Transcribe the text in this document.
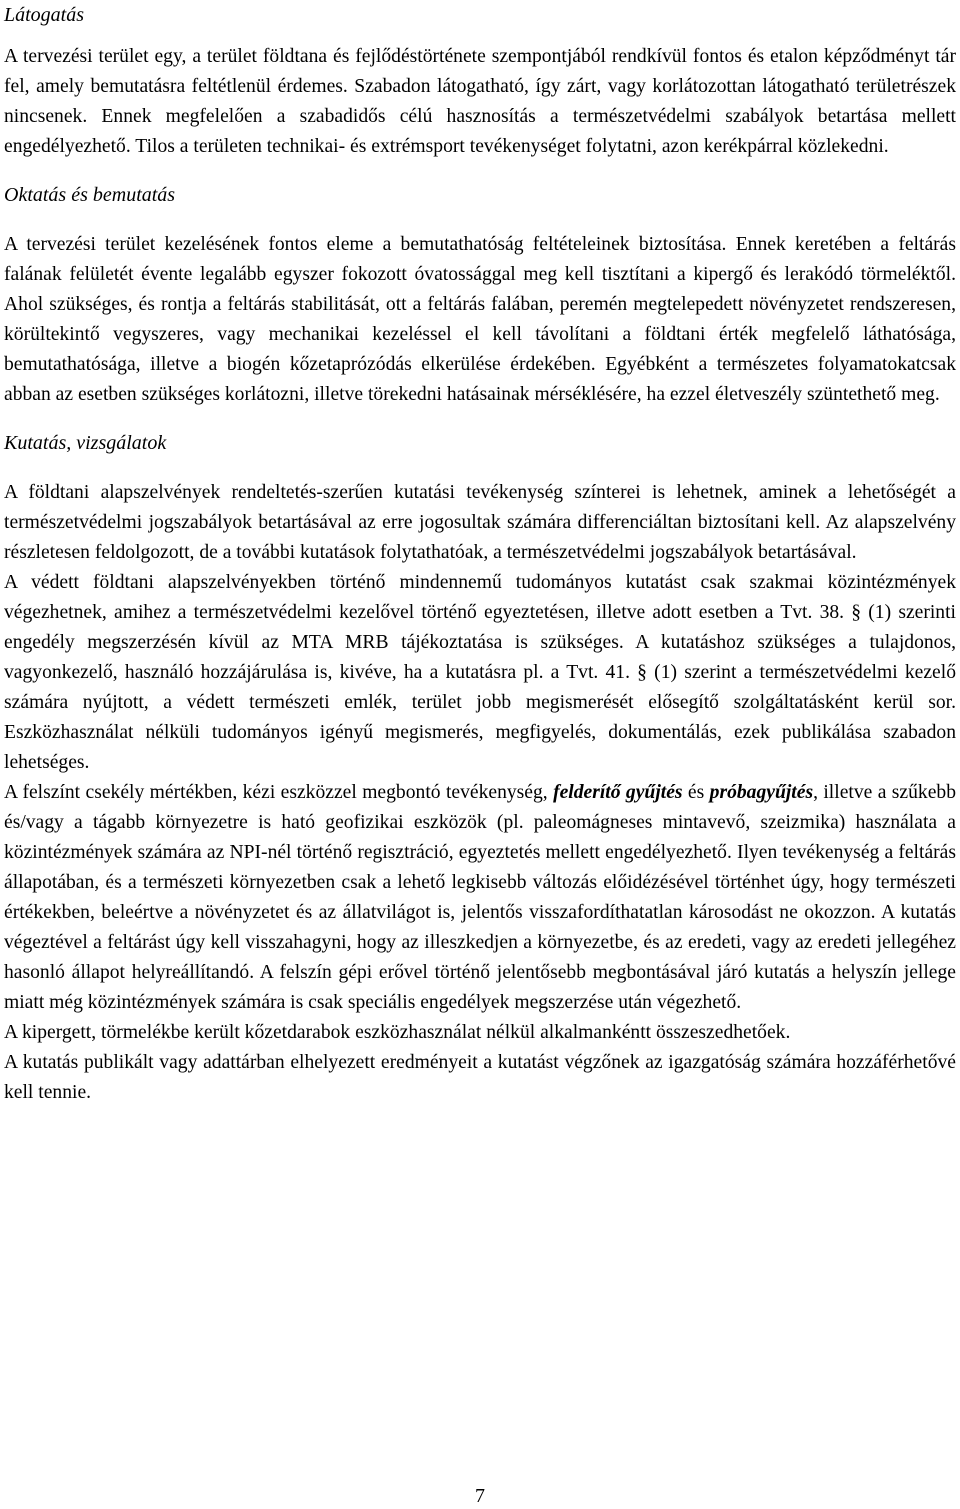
Látogatás

A tervezési terület egy, a terület földtana és fejlődéstörténete szempontjából rendkívül fontos és etalon képződményt tár fel, amely bemutatásra feltétlenül érdemes. Szabadon látogatható, így zárt, vagy korlátozottan látogatható területrészek nincsenek. Ennek megfelelően a szabadidős célú hasznosítás a természetvédelmi szabályok betartása mellett engedélyezhető. Tilos a területen technikai- és extrémsport tevékenységet folytatni, azon kerékpárral közlekedni.

Oktatás és bemutatás

A tervezési terület kezelésének fontos eleme a bemutathatóság feltételeinek biztosítása. Ennek keretében a feltárás falának felületét évente legalább egyszer fokozott óvatossággal meg kell tisztítani a kipergő és lerakódó törmeléktől. Ahol szükséges, és rontja a feltárás stabilitását, ott a feltárás falában, peremén megtelepedett növényzetet rendszeresen, körültekintő vegyszeres, vagy mechanikai kezeléssel el kell távolítani a földtani érték megfelelő láthatósága, bemutathatósága, illetve a biogén kőzetaprózódás elkerülése érdekében. Egyébként a természetes folyamatokatcsak abban az esetben szükséges korlátozni, illetve törekedni hatásainak mérséklésére, ha ezzel életveszély szüntethető meg.

Kutatás, vizsgálatok

A földtani alapszelvények rendeltetés-szerűen kutatási tevékenység színterei is lehetnek, aminek a lehetőségét a természetvédelmi jogszabályok betartásával az erre jogosultak számára differenciáltan biztosítani kell. Az alapszelvény részletesen feldolgozott, de a további kutatások folytathatóak, a természetvédelmi jogszabályok betartásával.

A védett földtani alapszelvényekben történő mindennemű tudományos kutatást csak szakmai közintézmények végezhetnek, amihez a természetvédelmi kezelővel történő egyeztetésen, illetve adott esetben a Tvt. 38. § (1) szerinti engedély megszerzésén kívül az MTA MRB tájékoztatása is szükséges. A kutatáshoz szükséges a tulajdonos, vagyonkezelő, használó hozzájárulása is, kivéve, ha a kutatásra pl. a Tvt. 41. § (1) szerint a természetvédelmi kezelő számára nyújtott, a védett természeti emlék, terület jobb megismerését elősegítő szolgáltatásként kerül sor. Eszközhasználat nélküli tudományos igényű megismerés, megfigyelés, dokumentálás, ezek publikálása szabadon lehetséges.

A felszínt csekély mértékben, kézi eszközzel megbontó tevékenység, felderítő gyűjtés és próbagyűjtés, illetve a szűkebb és/vagy a tágabb környezetre is ható geofizikai eszközök (pl. paleomágneses mintavevő, szeizmika) használata a közintézmények számára az NPI-nél történő regisztráció, egyeztetés mellett engedélyezhető. Ilyen tevékenység a feltárás állapotában, és a természeti környezetben csak a lehető legkisebb változás előidézésével történhet úgy, hogy természeti értékekben, beleértve a növényzetet és az állatvilágot is, jelentős visszafordíthatatlan károsodást ne okozzon. A kutatás végeztével a feltárást úgy kell visszahagyni, hogy az illeszkedjen a környezetbe, és az eredeti, vagy az eredeti jellegéhez hasonló állapot helyreállítandó. A felszín gépi erővel történő jelentősebb megbontásával járó kutatás a helyszín jellege miatt még közintézmények számára is csak speciális engedélyek megszerzése után végezhető.

A kipergett, törmelékbe került kőzetdarabok eszközhasználat nélkül alkalmankéntt összeszedhetőek.

A kutatás publikált vagy adattárban elhelyezett eredményeit a kutatást végzőnek az igazgatóság számára hozzáférhetővé kell tennie.

7
